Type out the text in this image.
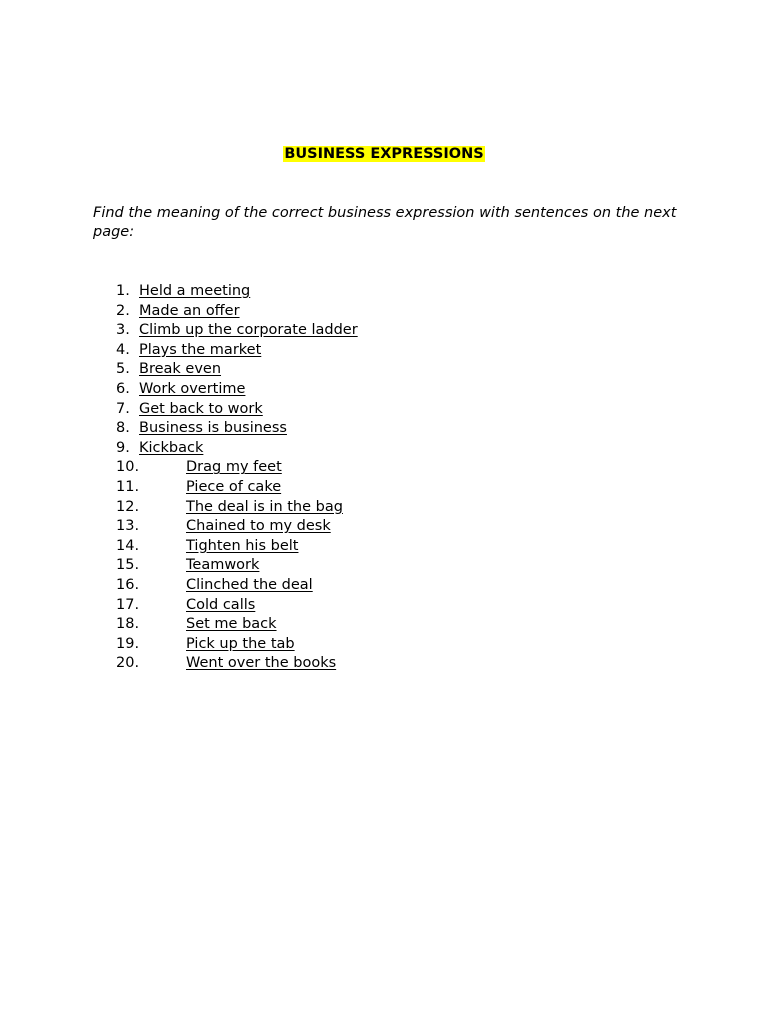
BUSINESS EXPRESSIONS
Find the meaning of the correct business expression with sentences on the next page:
1. Held a meeting
2. Made an offer
3. Climb up the corporate ladder
4. Plays the market
5. Break even
6. Work overtime
7. Get back to work
8. Business is business
9. Kickback
10.	Drag my feet
11.	Piece of cake
12.	The deal is in the bag
13.	Chained to my desk
14.	Tighten his belt
15.	Teamwork
16.	Clinched the deal
17.	Cold calls
18.	Set me back
19.	Pick up the tab
20.	Went over the books
